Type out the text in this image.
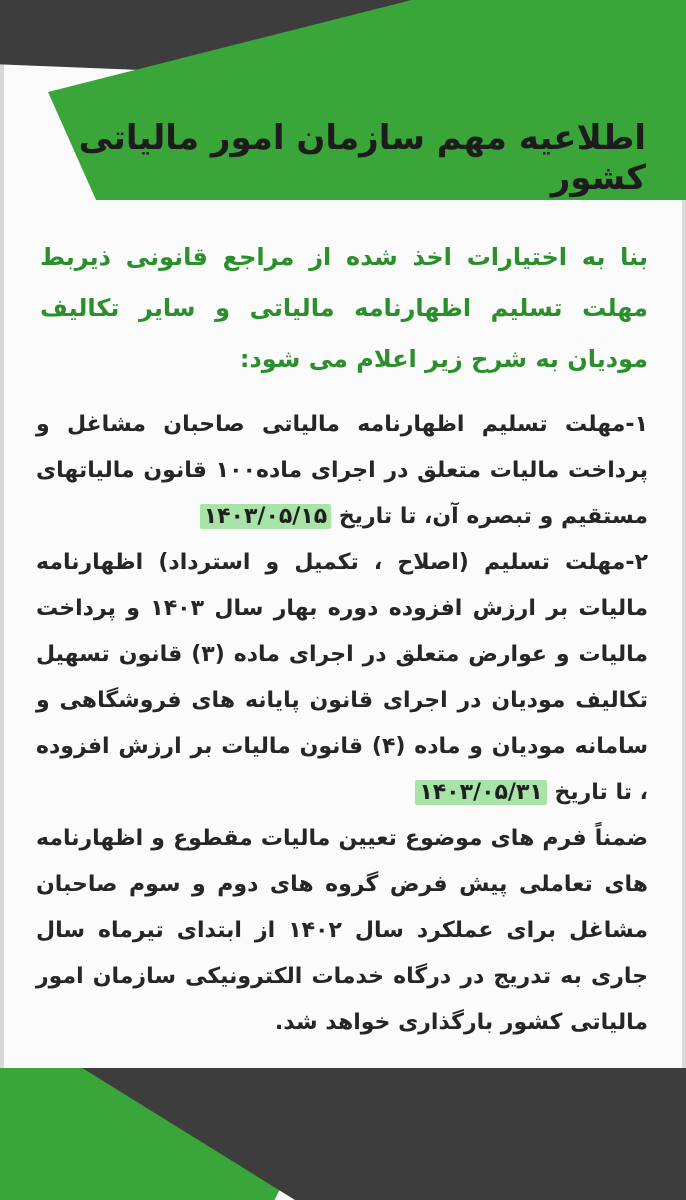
اطلاعیه مهم سازمان امور مالیاتی کشور

بنا به اختیارات اخذ شده از مراجع قانونی ذیربط مهلت تسلیم اظهارنامه مالیاتی و سایر تکالیف مودیان به شرح زیر اعلام می شود:

۱-مهلت تسلیم اظهارنامه مالیاتی صاحبان مشاغل و پرداخت مالیات متعلق در اجرای ماده۱۰۰ قانون مالیاتهای مستقیم و تبصره آن، تا تاریخ ۱۴۰۳/۰۵/۱۵

۲-مهلت تسلیم (اصلاح ، تکمیل و استرداد) اظهارنامه مالیات بر ارزش افزوده دوره بهار سال ۱۴۰۳ و پرداخت مالیات و عوارض متعلق در اجرای ماده (۳) قانون تسهیل تکالیف مودیان در اجرای قانون پایانه های فروشگاهی و سامانه مودیان و ماده (۴) قانون مالیات بر ارزش افزوده ، تا تاریخ ۱۴۰۳/۰۵/۳۱

ضمناً فرم های موضوع تعیین مالیات مقطوع و اظهارنامه های تعاملی پیش فرض گروه های دوم و سوم صاحبان مشاغل برای عملکرد سال ۱۴۰۲ از ابتدای تیرماه سال جاری به تدریج در درگاه خدمات الکترونیکی سازمان امور مالیاتی کشور بارگذاری خواهد شد.
